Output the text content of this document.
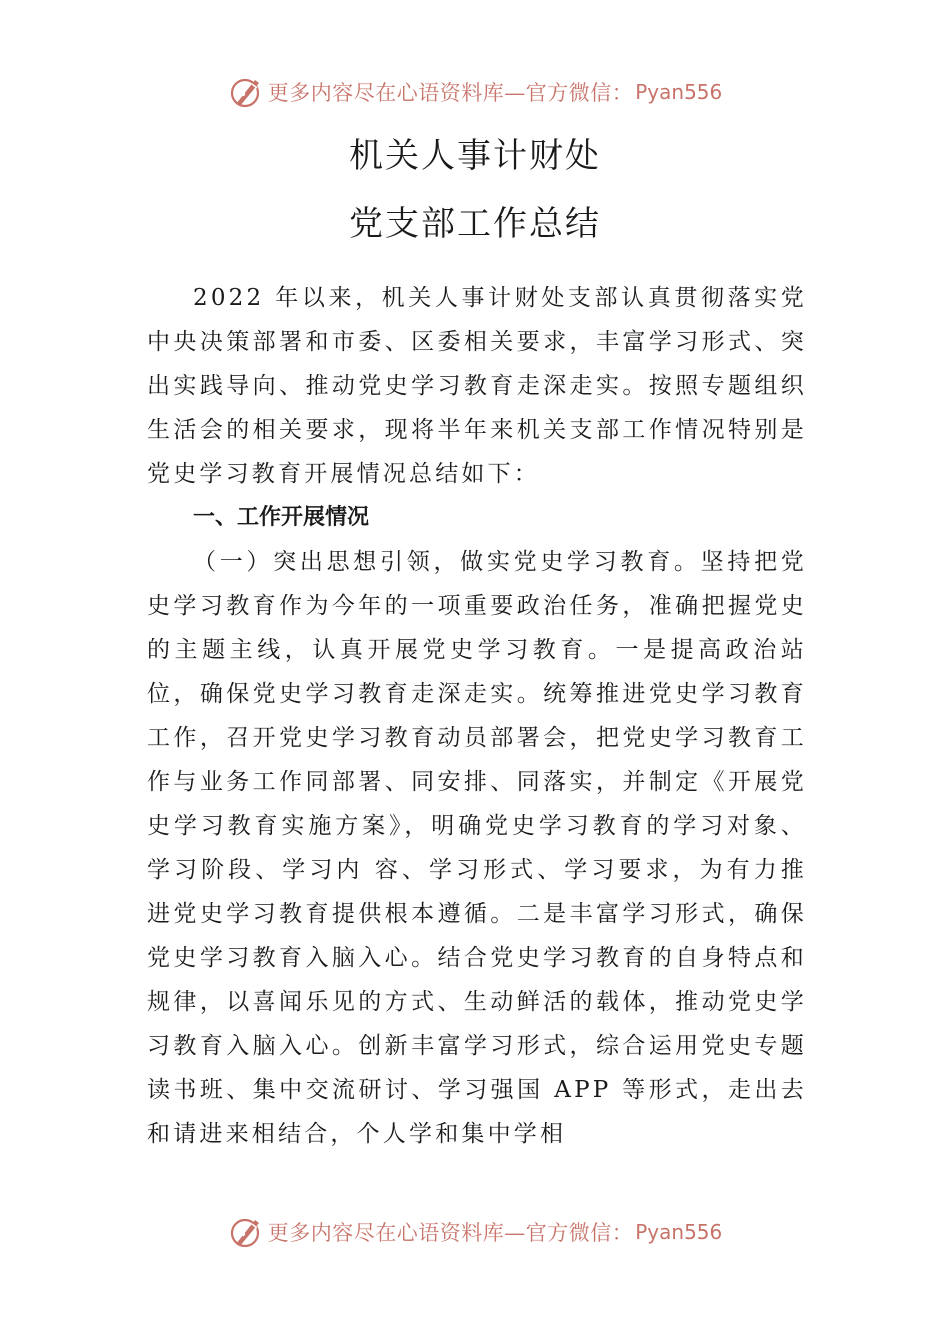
更多内容尽在心语资料库—官方微信： Pyan556
机关人事计财处
党支部工作总结

2022 年以来，机关人事计财处支部认真贯彻落实党中央决策部署和市委、区委相关要求，丰富学习形式、突出实践导向、推动党史学习教育走深走实。按照专题组织生活会的相关要求，现将半年来机关支部工作情况特别是党史学习教育开展情况总结如下：

一、工作开展情况

（一）突出思想引领，做实党史学习教育。坚持把党史学习教育作为今年的一项重要政治任务，准确把握党史的主题主线，认真开展党史学习教育。一是提高政治站位，确保党史学习教育走深走实。统筹推进党史学习教育工作，召开党史学习教育动员部署会，把党史学习教育工作与业务工作同部署、同安排、同落实，并制定《开展党史学习教育实施方案》，明确党史学习教育的学习对象、学习阶段、学习内 容、学习形式、学习要求，为有力推进党史学习教育提供根本遵循。二是丰富学习形式，确保党史学习教育入脑入心。结合党史学习教育的自身特点和规律，以喜闻乐见的方式、生动鲜活的载体，推动党史学习教育入脑入心。创新丰富学习形式，综合运用党史专题读书班、集中交流研讨、学习强国 APP 等形式，走出去和请进来相结合，个人学和集中学相

更多内容尽在心语资料库—官方微信： Pyan556
